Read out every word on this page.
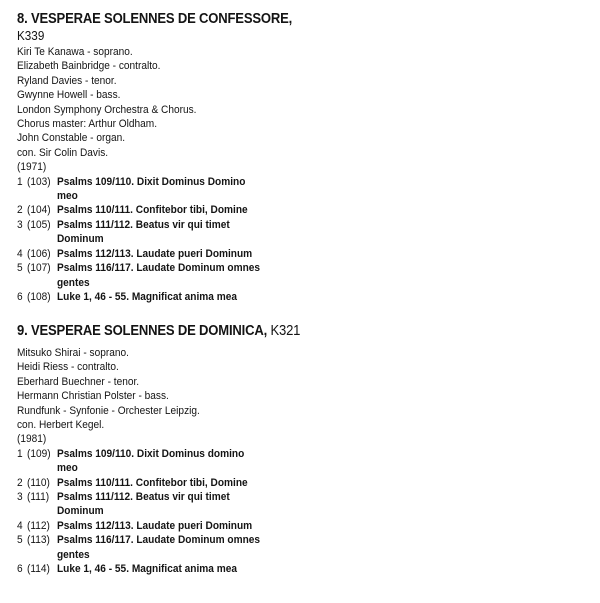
8. VESPERAE SOLENNES DE CONFESSORE,
K339
Kiri Te Kanawa - soprano.
Elizabeth Bainbridge - contralto.
Ryland Davies - tenor.
Gwynne Howell - bass.
London Symphony Orchestra & Chorus.
Chorus master: Arthur Oldham.
John Constable - organ.
con. Sir Colin Davis.
(1971)
1 (103) Psalms 109/110. Dixit Dominus Domino
meo
2 (104) Psalms 110/111. Confitebor tibi, Domine
3 (105) Psalms 111/112. Beatus vir qui timet
Dominum
4 (106) Psalms 112/113. Laudate pueri Dominum
5 (107) Psalms 116/117. Laudate Dominum omnes
gentes
6 (108) Luke 1, 46 - 55. Magnificat anima mea
9. VESPERAE SOLENNES DE DOMINICA, K321
Mitsuko Shirai - soprano.
Heidi Riess - contralto.
Eberhard Buechner - tenor.
Hermann Christian Polster - bass.
Rundfunk - Synfonie - Orchester Leipzig.
con. Herbert Kegel.
(1981)
1 (109) Psalms 109/110. Dixit Dominus domino
meo
2 (110) Psalms 110/111. Confitebor tibi, Domine
3 (111) Psalms 111/112. Beatus vir qui timet
Dominum
4 (112) Psalms 112/113. Laudate pueri Dominum
5 (113) Psalms 116/117. Laudate Dominum omnes
gentes
6 (114) Luke 1, 46 - 55. Magnificat anima mea
